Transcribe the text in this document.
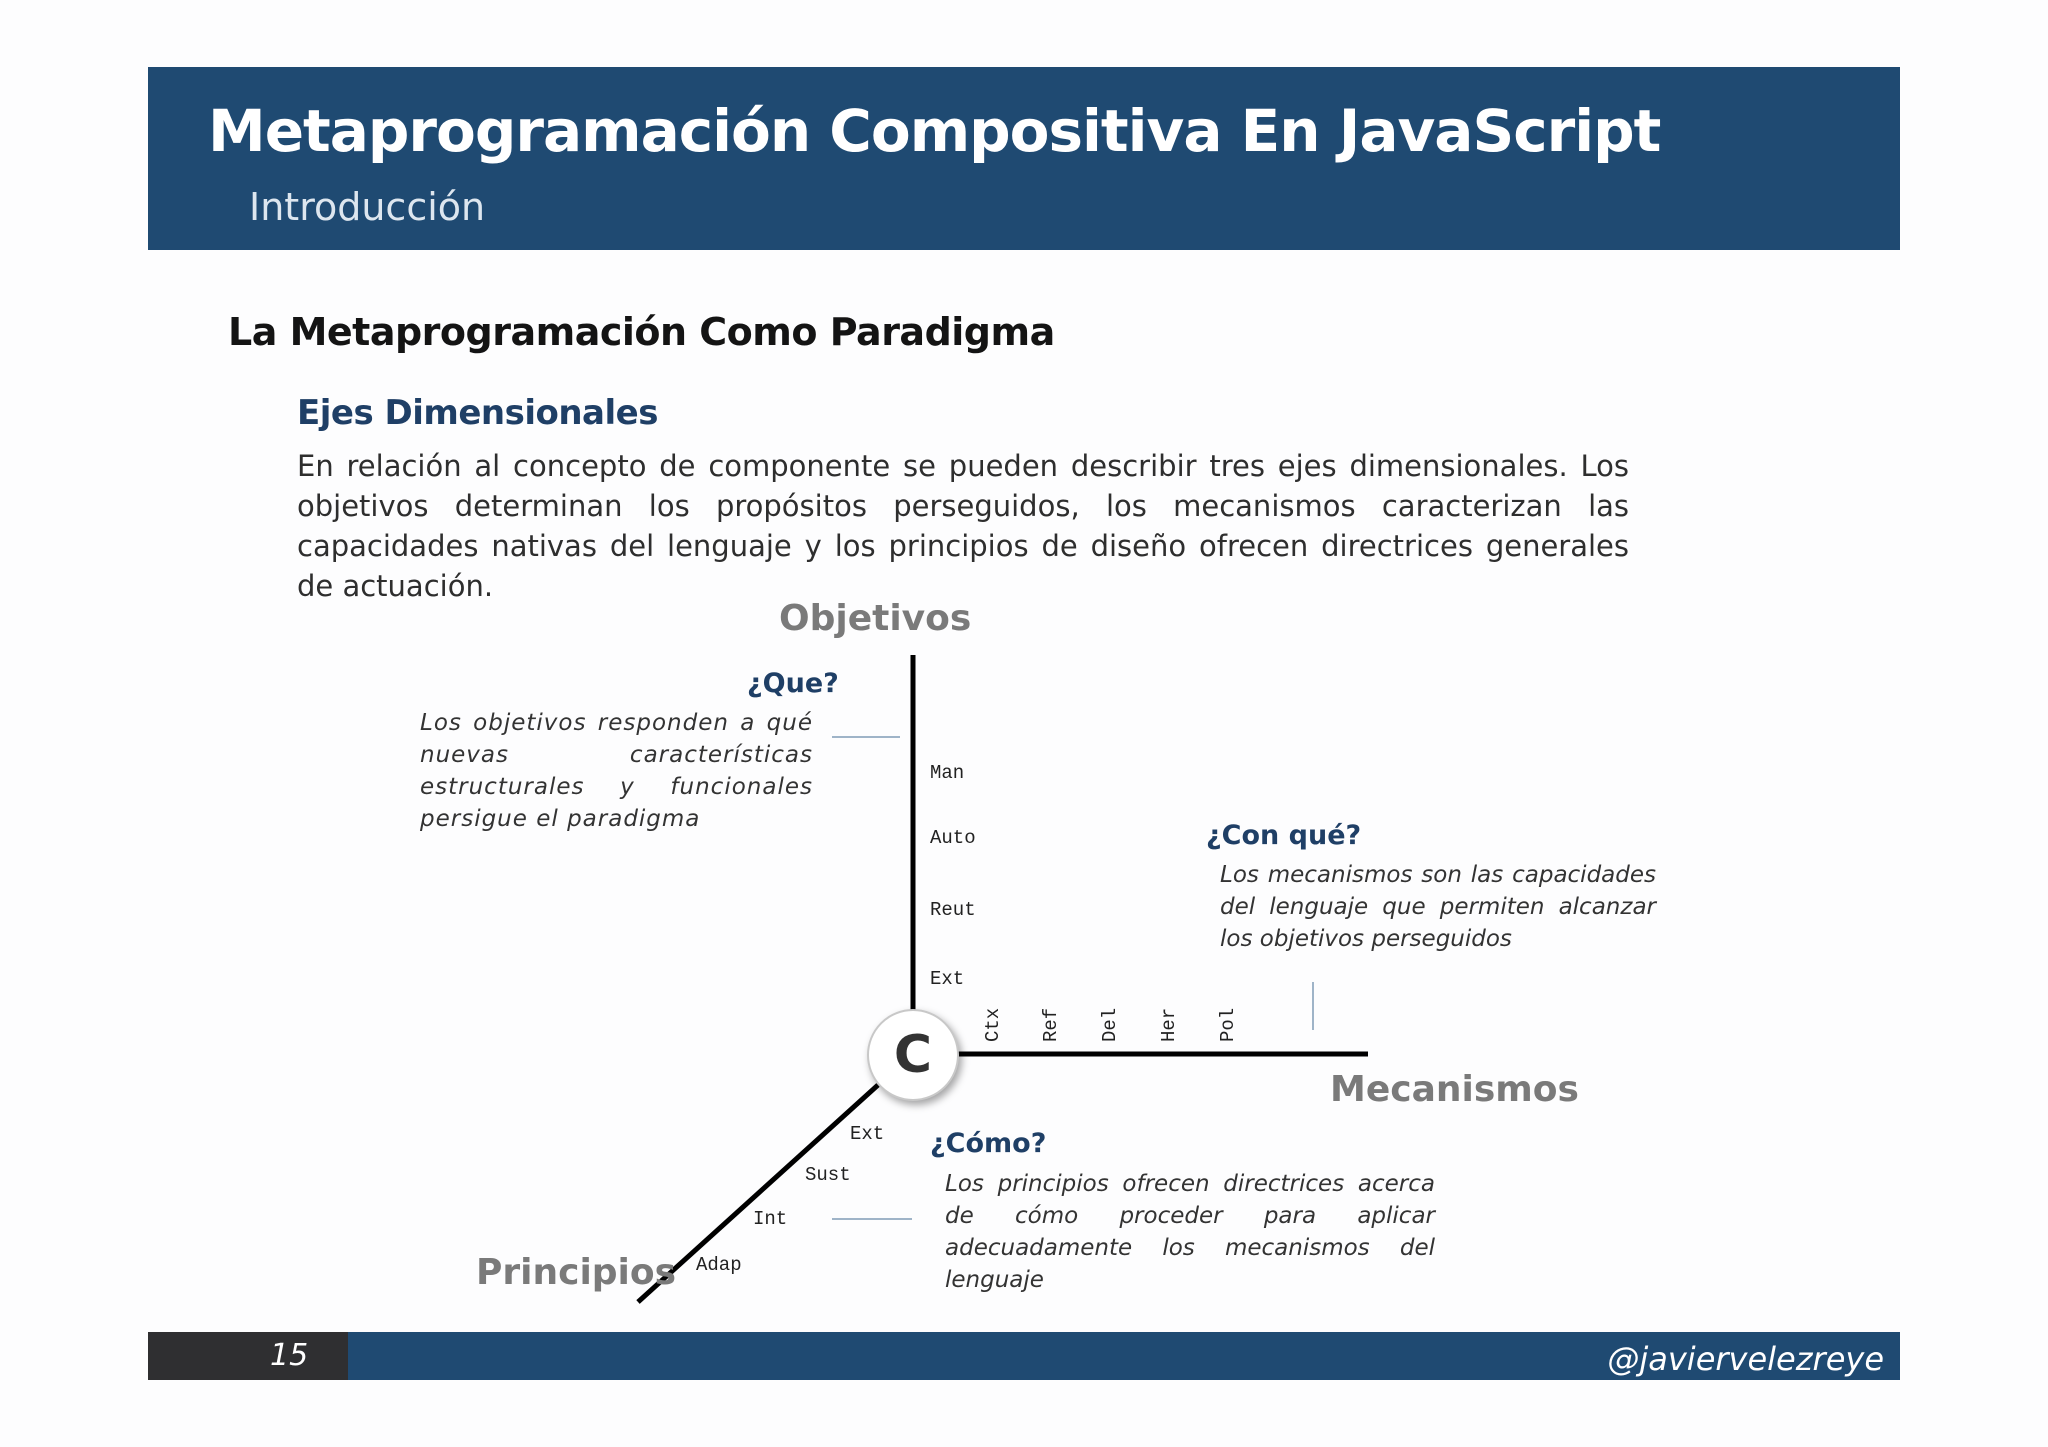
Metaprogramación Compositiva En JavaScript
Introducción
La Metaprogramación Como Paradigma
Ejes Dimensionales
En relación al concepto de componente se pueden describir tres ejes dimensionales. Los objetivos determinan los propósitos perseguidos, los mecanismos caracterizan las capacidades nativas del lenguaje y los principios de diseño ofrecen directrices generales de actuación.
Objetivos
¿Que?
Los objetivos responden a qué nuevas características estructurales y funcionales persigue el paradigma
Man
Auto
Reut
Ext
Mecanismos
¿Con qué?
Los mecanismos son las capacidades del lenguaje que permiten alcanzar los objetivos perseguidos
Ctx Ref Del Her Pol
Principios
¿Cómo?
Los principios ofrecen directrices acerca de cómo proceder para aplicar adecuadamente los mecanismos del lenguaje
Ext
Sust
Int
Adap
C
15	@javiervelezreye
